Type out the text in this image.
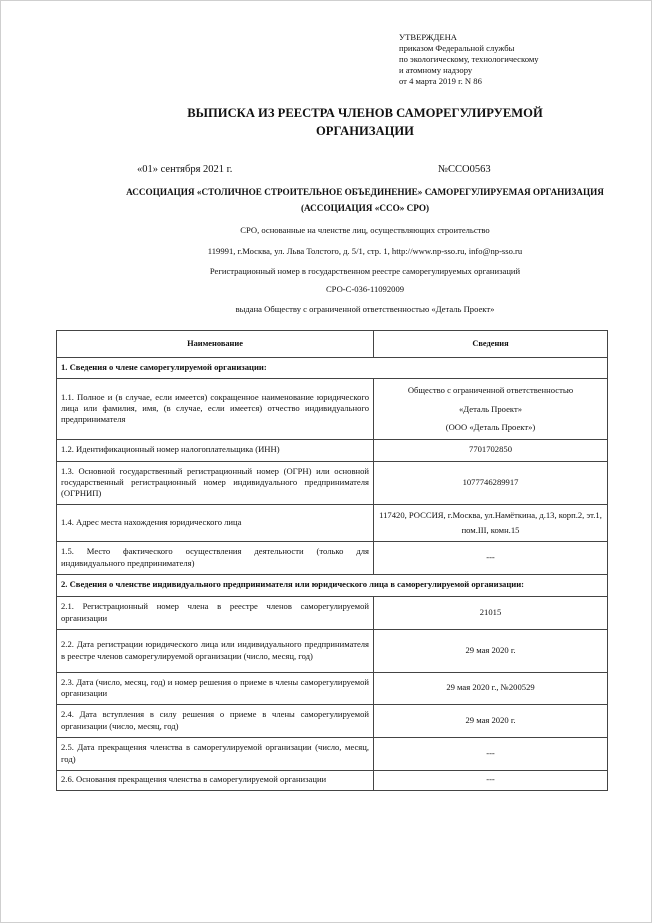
УТВЕРЖДЕНА
приказом Федеральной службы
по экологическому, технологическому
и атомному надзору
от 4 марта 2019 г. N 86
ВЫПИСКА ИЗ РЕЕСТРА ЧЛЕНОВ САМОРЕГУЛИРУЕМОЙ
ОРГАНИЗАЦИИ
«01» сентября 2021 г.	№ССО0563
АССОЦИАЦИЯ «СТОЛИЧНОЕ СТРОИТЕЛЬНОЕ ОБЪЕДИНЕНИЕ» САМОРЕГУЛИРУЕМАЯ ОРГАНИЗАЦИЯ
(АССОЦИАЦИЯ «ССО» СРО)
СРО, основанные на членстве лиц, осуществляющих строительство
119991, г.Москва, ул. Льва Толстого, д. 5/1, стр. 1, http://www.np-sso.ru, info@np-sso.ru
Регистрационный номер в государственном реестре саморегулируемых организаций
СРО-С-036-11092009
выдана Обществу с ограниченной ответственностью «Деталь Проект»
Наименование	Сведения
1. Сведения о члене саморегулируемой организации:	
1.1. Полное и (в случае, если имеется) сокращенное наименование юридического лица или фамилия, имя, (в случае, если имеется) отчество индивидуального предпринимателя	Общество с ограниченной ответственностью
«Деталь Проект»
(ООО «Деталь Проект»)

1.2. Идентификационный номер налогоплательщика (ИНН)	7701702850
1.3. Основной государственный регистрационный номер (ОГРН) или основной государственный регистрационный номер индивидуального предпринимателя (ОГРНИП)	1077746289917
1.4. Адрес места нахождения юридического лица	117420, РОССИЯ, г.Москва, ул.Намёткина, д.13, корп.2, эт.1, пом.III, комн.15
1.5. Место фактического осуществления деятельности (только для индивидуального предпринимателя)	---
2. Сведения о членстве индивидуального предпринимателя или юридического лица в саморегулируемой организации:	
2.1. Регистрационный номер члена в реестре членов саморегулируемой организации	21015
2.2. Дата регистрации юридического лица или индивидуального предпринимателя в реестре членов саморегулируемой организации (число, месяц, год)	29 мая 2020 г.
2.3. Дата (число, месяц, год) и номер решения о приеме в члены саморегулируемой организации	29 мая 2020 г., №200529
2.4. Дата вступления в силу решения о приеме в члены саморегулируемой организации (число, месяц, год)	29 мая 2020 г.
2.5. Дата прекращения членства в саморегулируемой организации (число, месяц, год)	---
2.6. Основания прекращения членства в саморегулируемой организации	---
